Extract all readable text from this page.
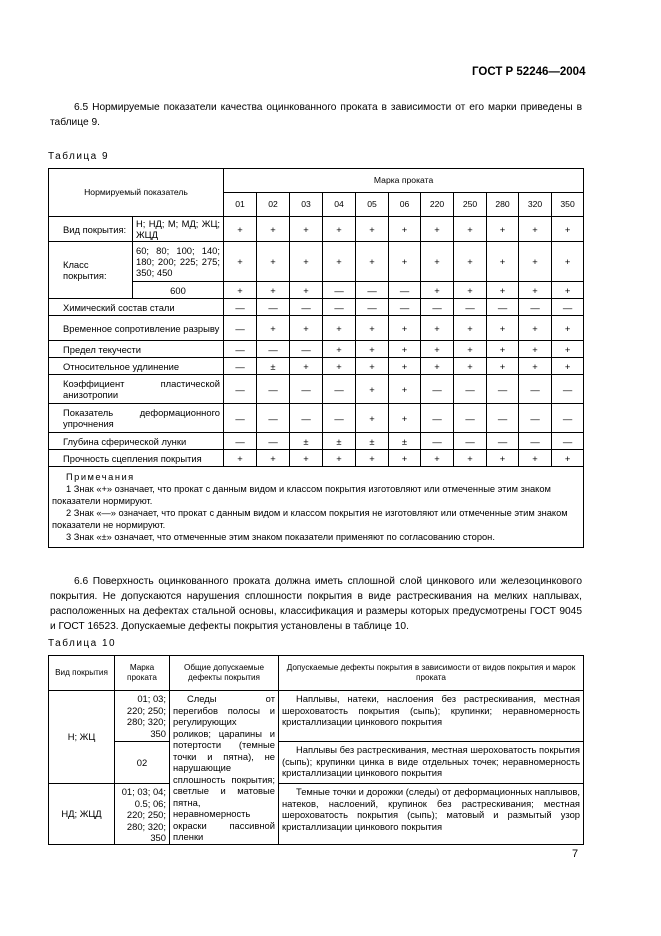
ГОСТ Р 52246—2004
6.5 Нормируемые показатели качества оцинкованного проката в зависимости от его марки приведены в таблице 9.
Таблица 9
Нормируемый показатель		Марка проката										
		01	02	03	04	05	06	220	250	280	320	350
Вид покрытия:	Н; НД; М; МД; ЖЦ; ЖЦД	+	+	+	+	+	+	+	+	+	+	+
Класс покрытия:	60; 80; 100; 140; 180; 200; 225; 275; 350; 450	+	+	+	+	+	+	+	+	+	+	+
	600	+	+	+	—	—	—	+	+	+	+	+
Химический состав стали		—	—	—	—	—	—	—	—	—	—	—
Временное сопротивление разрыву		—	+	+	+	+	+	+	+	+	+	+
Предел текучести		—	—	—	+	+	+	+	+	+	+	+
Относительное удлинение		—	±	+	+	+	+	+	+	+	+	+
Коэффициент пластической анизотропии		—	—	—	—	+	+	—	—	—	—	—
Показатель деформационного упрочнения		—	—	—	—	+	+	—	—	—	—	—
Глубина сферической лунки		—	—	±	±	±	±	—	—	—	—	—
Прочность сцепления покрытия		+	+	+	+	+	+	+	+	+	+	+

Примечания
1 Знак «+» означает, что прокат с данным видом и классом покрытия изготовляют или отмеченные этим знаком показатели нормируют.
2 Знак «—» означает, что прокат с данным видом и классом покрытия не изготовляют или отмеченные этим знаком показатели не нормируют.
3 Знак «±» означает, что отмеченные этим знаком показатели применяют по согласованию сторон.												
6.6 Поверхность оцинкованного проката должна иметь сплошной слой цинкового или железоцинкового покрытия. Не допускаются нарушения сплошности покрытия в виде растрескивания на мелких наплывах, расположенных на дефектах стальной основы, классификация и размеры которых предусмотрены ГОСТ 9045 и ГОСТ 16523. Допускаемые дефекты покрытия установлены в таблице 10.
Таблица 10
Вид покрытия	Марка проката	Общие допускаемые дефекты покрытия	Допускаемые дефекты покрытия в зависимости от видов покрытия и марок проката
Н; ЖЦ	01; 03; 220; 250; 280; 320; 350	Следы от перегибов полосы и регулирующих роликов; царапины и потертости (темные точки и пятна), не нарушающие сплошность покрытия; светлые и матовые пятна, неравномерность окраски пассивной пленки	Наплывы, натеки, наслоения без растрескивания, местная шероховатость покрытия (сыпь); крупинки; неравномерность кристаллизации цинкового покрытия
	02		Наплывы без растрескивания, местная шероховатость покрытия (сыпь); крупинки цинка в виде отдельных точек; неравномерность кристаллизации цинкового покрытия
НД; ЖЦД	01; 03; 04; 0.5; 06; 220; 250; 280; 320; 350		Темные точки и дорожки (следы) от деформационных наплывов, натеков, наслоений, крупинок без растрескивания; местная шероховатость покрытия (сыпь); матовый и размытый узор кристаллизации цинкового покрытия
7
